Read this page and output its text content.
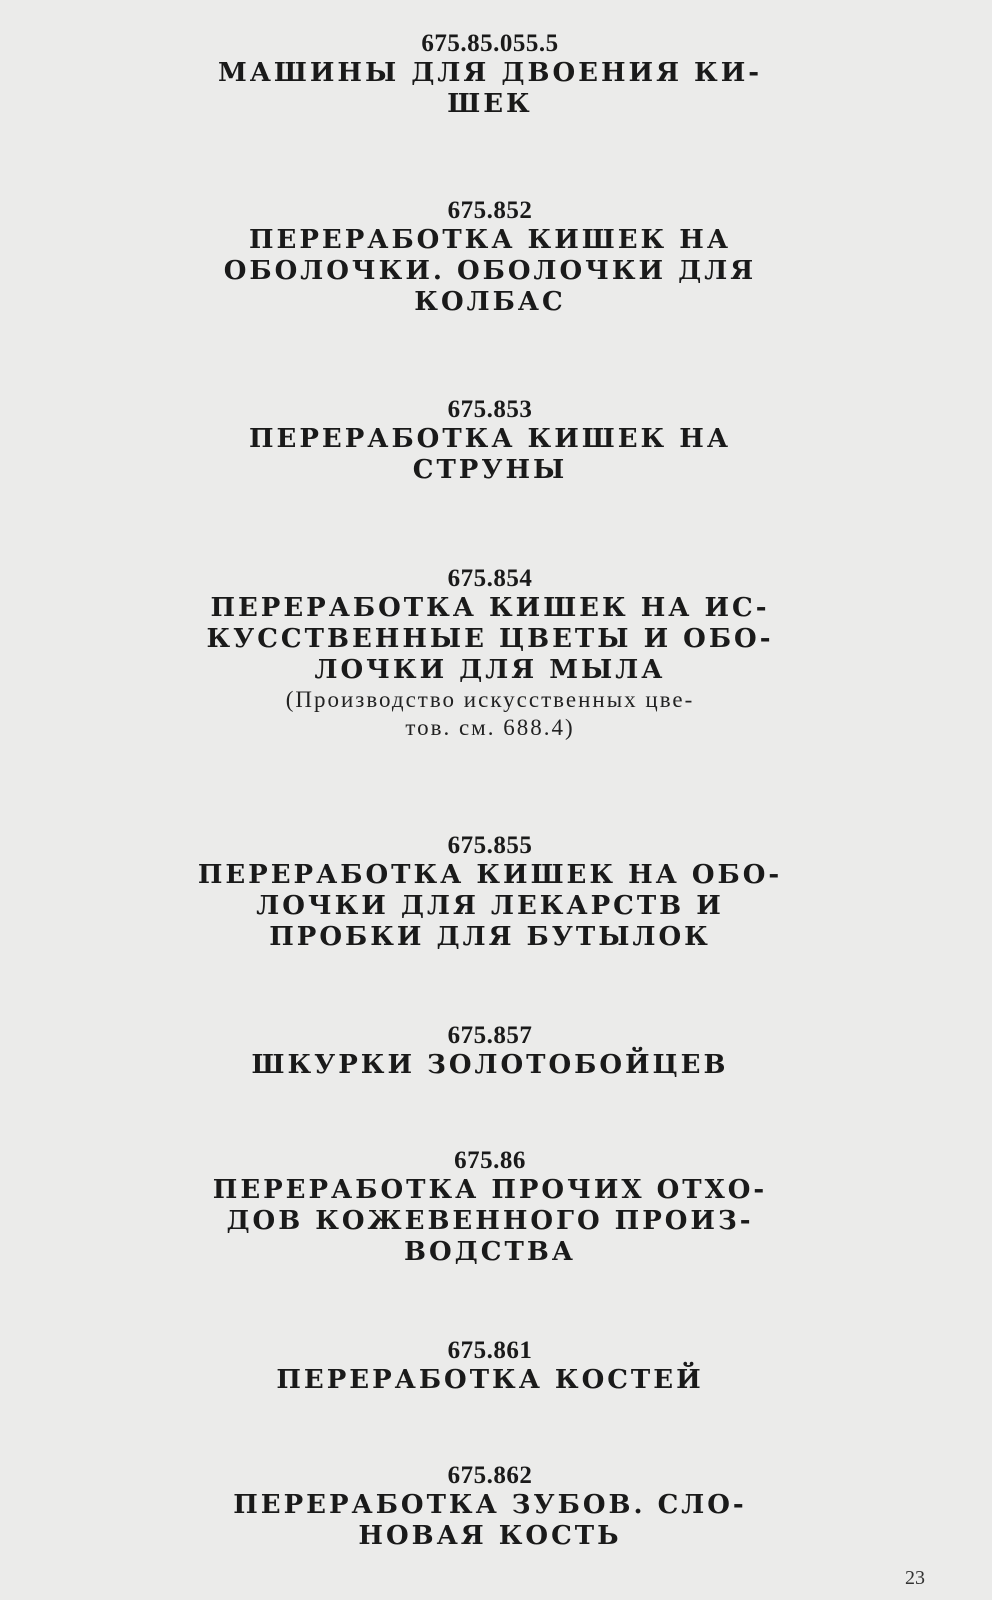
675.85.055.5
МАШИНЫ ДЛЯ ДВОЕНИЯ КИ-
ШЕК
675.852
ПЕРЕРАБОТКА КИШЕК НА
ОБОЛОЧКИ. ОБОЛОЧКИ ДЛЯ
КОЛБАС
675.853
ПЕРЕРАБОТКА КИШЕК НА
СТРУНЫ
675.854
ПЕРЕРАБОТКА КИШЕК НА ИС-
КУССТВЕННЫЕ ЦВЕТЫ И ОБО-
ЛОЧКИ ДЛЯ МЫЛА
(Производство искусственных цве-
тов. см. 688.4)
675.855
ПЕРЕРАБОТКА КИШЕК НА ОБО-
ЛОЧКИ ДЛЯ ЛЕКАРСТВ И
ПРОБКИ ДЛЯ БУТЫЛОК
675.857
ШКУРКИ ЗОЛОТОБОЙЦЕВ
675.86
ПЕРЕРАБОТКА ПРОЧИХ ОТХО-
ДОВ КОЖЕВЕННОГО ПРОИЗ-
ВОДСТВА
675.861
ПЕРЕРАБОТКА КОСТЕЙ
675.862
ПЕРЕРАБОТКА ЗУБОВ. СЛО-
НОВАЯ КОСТЬ
23
